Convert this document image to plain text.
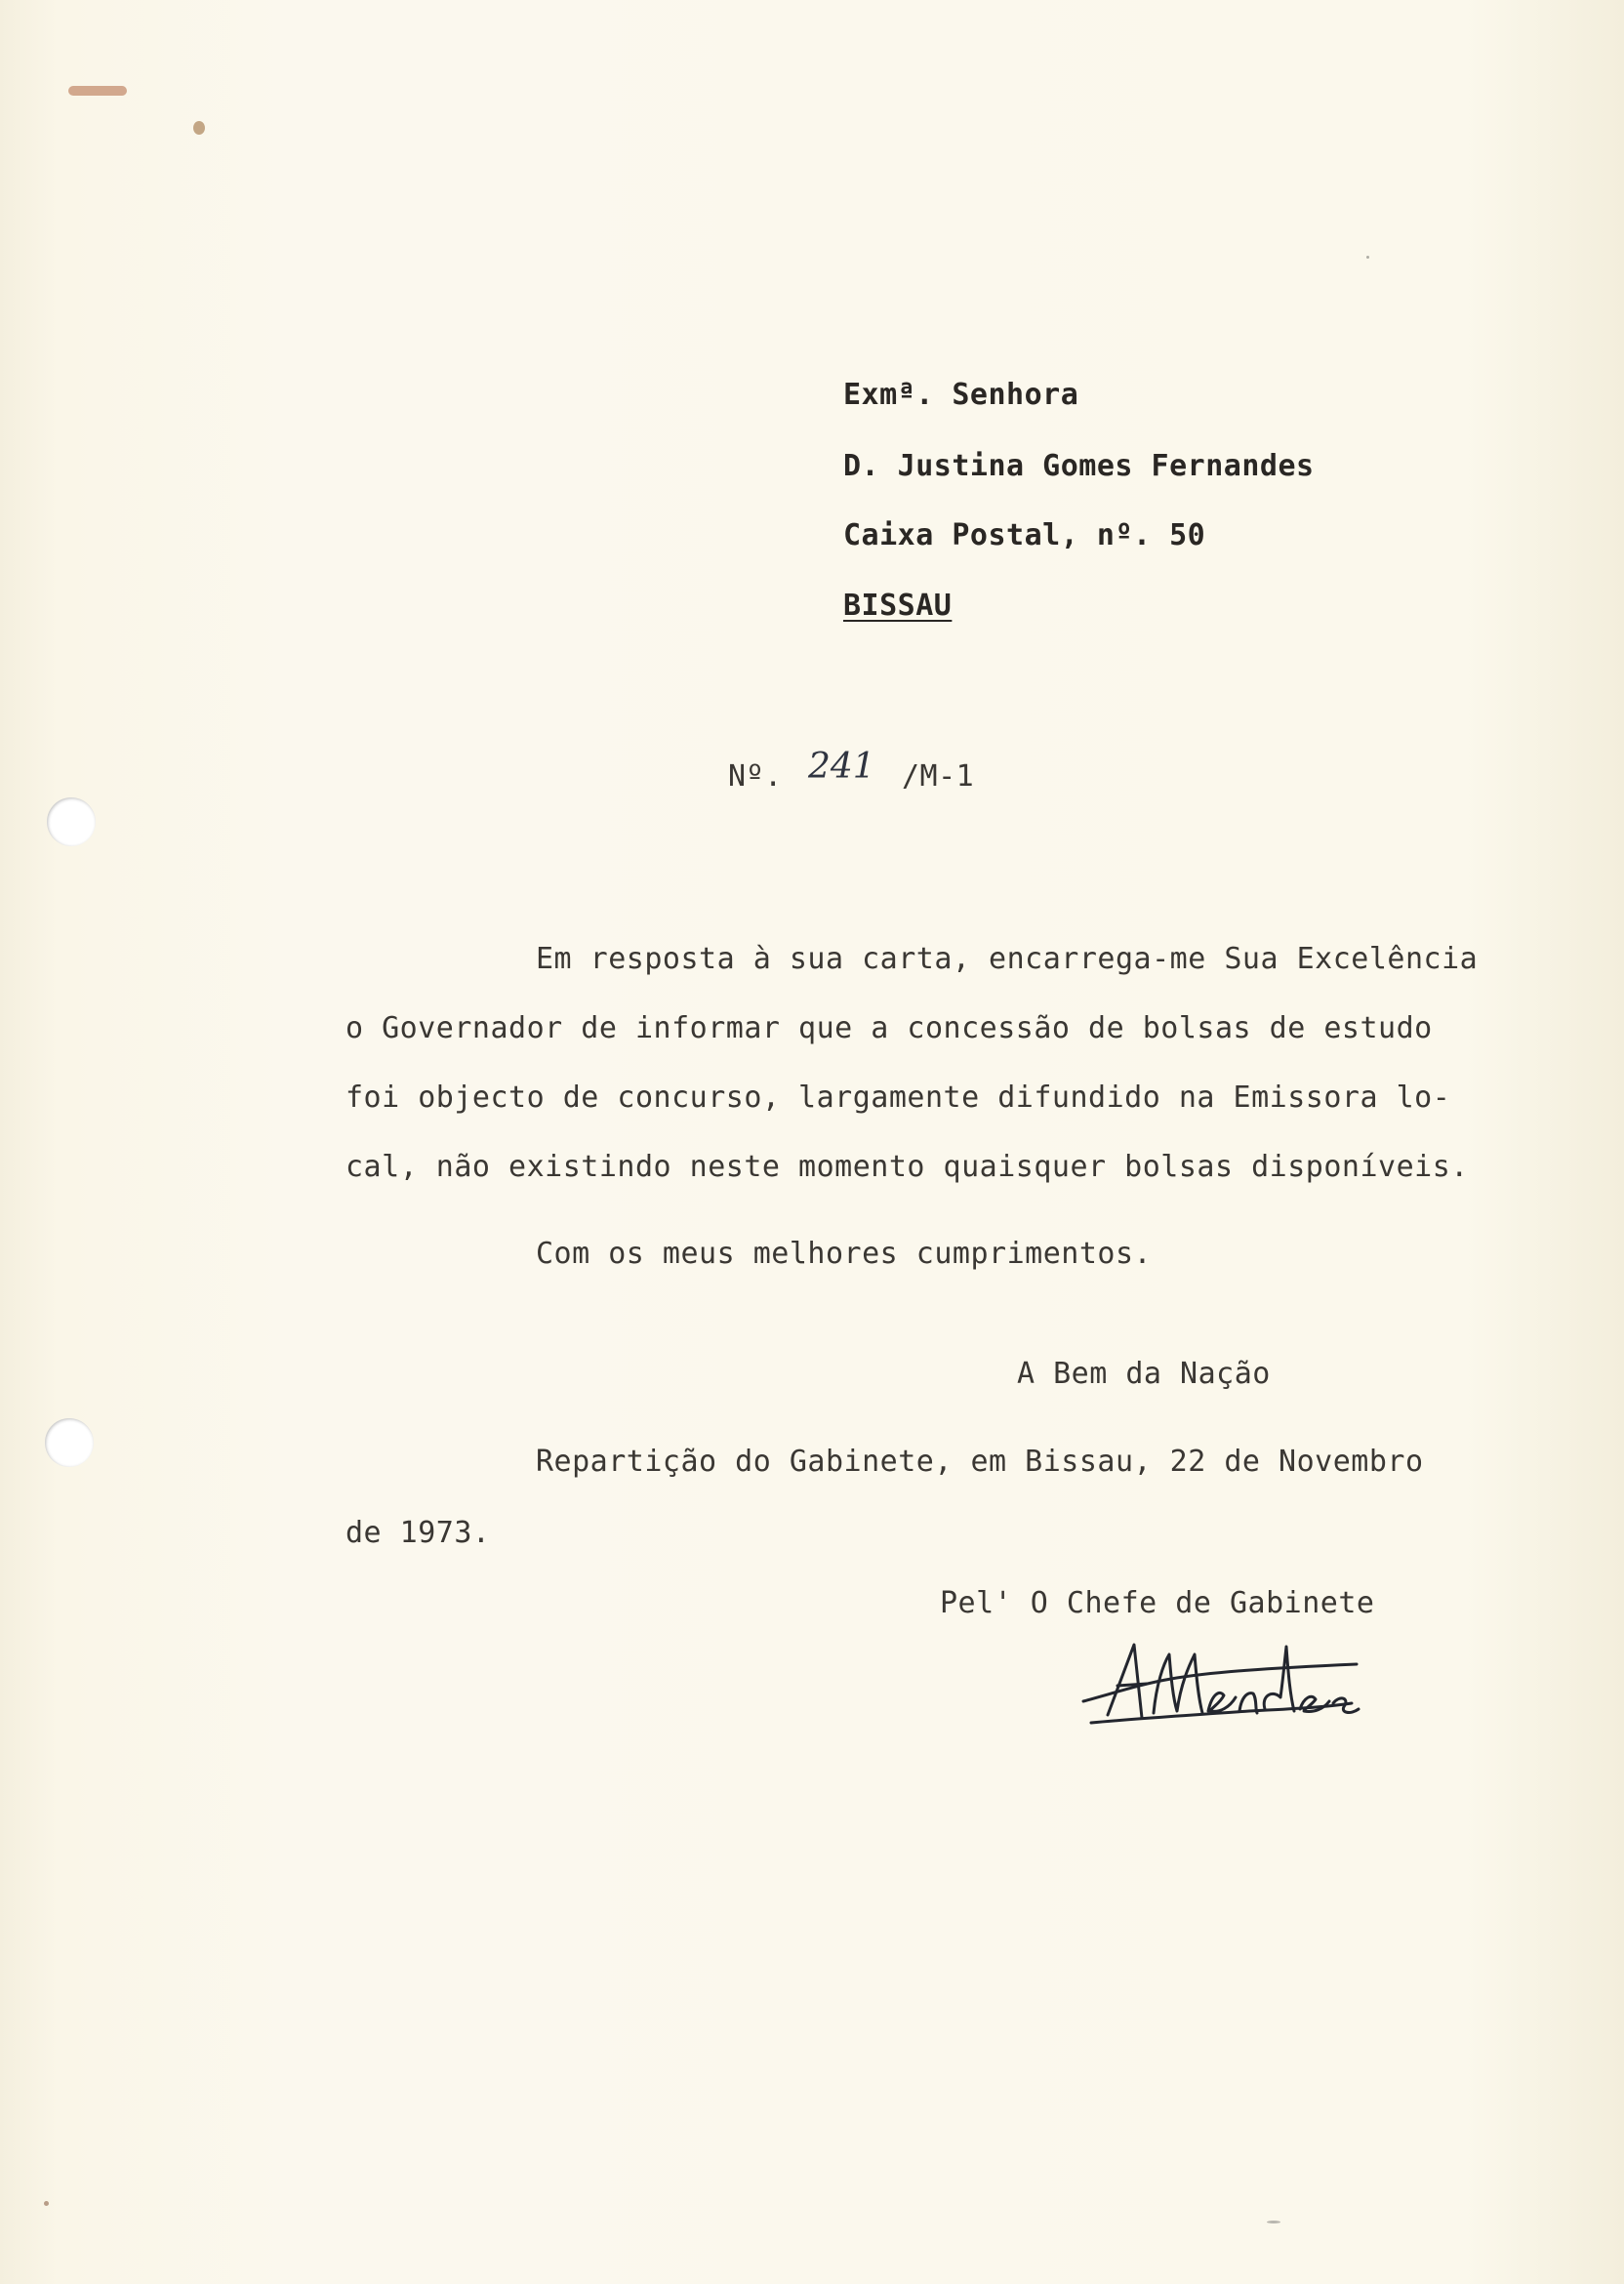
Exmª. Senhora
D. Justina Gomes Fernandes
Caixa Postal, nº. 50
BISSAU
Nº. 241 /M-1
Em resposta à sua carta, encarrega-me Sua Excelência
o Governador de informar que a concessão de bolsas de estudo
foi objecto de concurso, largamente difundido na Emissora lo-
cal, não existindo neste momento quaisquer bolsas disponíveis.
Com os meus melhores cumprimentos.
A Bem da Nação
Repartição do Gabinete, em Bissau, 22 de Novembro
de 1973.
Pel' O Chefe de Gabinete
